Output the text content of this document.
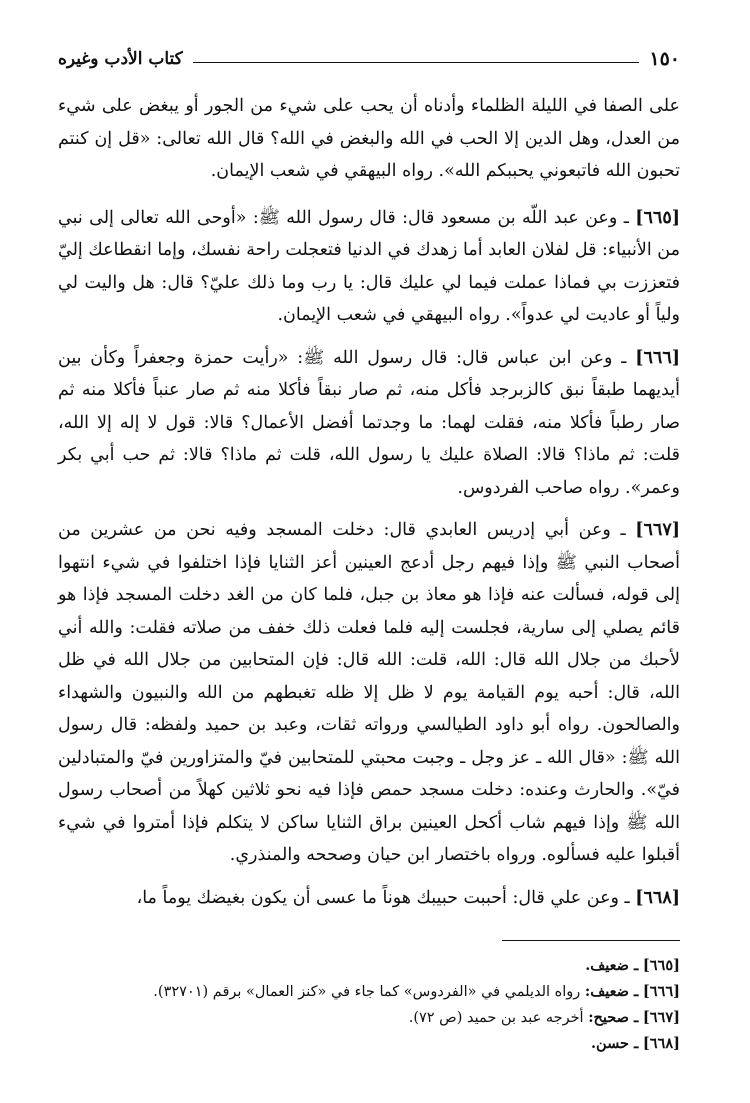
١٥٠
كتاب الأدب وغيره

على الصفا في الليلة الظلماء وأدناه أن يحب على شيء من الجور أو يبغض على شيء من العدل، وهل الدين إلا الحب في الله والبغض في الله؟ قال الله تعالى: «قل إن كنتم تحبون الله فاتبعوني يحببكم الله». رواه البيهقي في شعب الإيمان.

[٦٦٥] ـ وعن عبد اللّه بن مسعود قال: قال رسول الله ﷺ: «أوحى الله تعالى إلى نبي من الأنبياء: قل لفلان العابد أما زهدك في الدنيا فتعجلت راحة نفسك، وإما انقطاعك إليّ فتعززت بي فماذا عملت فيما لي عليك قال: يا رب وما ذلك عليّ؟ قال: هل واليت لي ولياً أو عاديت لي عدواً». رواه البيهقي في شعب الإيمان.

[٦٦٦] ـ وعن ابن عباس قال: قال رسول الله ﷺ: «رأيت حمزة وجعفراً وكأن بين أيديهما طبقاً نبق كالزبرجد فأكل منه، ثم صار نبقاً فأكلا منه ثم صار عنباً فأكلا منه ثم صار رطباً فأكلا منه، فقلت لهما: ما وجدتما أفضل الأعمال؟ قالا: قول لا إله إلا الله، قلت: ثم ماذا؟ قالا: الصلاة عليك يا رسول الله، قلت ثم ماذا؟ قالا: ثم حب أبي بكر وعمر». رواه صاحب الفردوس.

[٦٦٧] ـ وعن أبي إدريس العابدي قال: دخلت المسجد وفيه نحن من عشرين من أصحاب النبي ﷺ وإذا فيهم رجل أدعج العينين أعز الثنايا فإذا اختلفوا في شيء انتهوا إلى قوله، فسألت عنه فإذا هو معاذ بن جبل، فلما كان من الغد دخلت المسجد فإذا هو قائم يصلي إلى سارية، فجلست إليه فلما فعلت ذلك خفف من صلاته فقلت: والله أني لأحبك من جلال الله قال: الله، قلت: الله قال: فإن المتحابين من جلال الله في ظل الله، قال: أحبه يوم القيامة يوم لا ظل إلا ظله تغبطهم من الله والنبيون والشهداء والصالحون. رواه أبو داود الطيالسي ورواته ثقات، وعبد بن حميد ولفظه: قال رسول الله ﷺ: «قال الله ـ عز وجل ـ وجبت محبتي للمتحابين فيّ والمتزاورين فيّ والمتبادلين فيّ». والحارث وعنده: دخلت مسجد حمص فإذا فيه نحو ثلاثين كهلاً من أصحاب رسول الله ﷺ وإذا فيهم شاب أكحل العينين براق الثنايا ساكن لا يتكلم فإذا أمتروا في شيء أقبلوا عليه فسألوه. ورواه باختصار ابن حيان وصححه والمنذري.

[٦٦٨] ـ وعن علي قال: أحببت حبيبك هوناً ما عسى أن يكون بغيضك يوماً ما،

[٦٦٥] ـ ضعيف.
[٦٦٦] ـ ضعيف: رواه الديلمي في «الفردوس» كما جاء في «كنز العمال» برقم (٣٢٧٠١).
[٦٦٧] ـ صحيح: أخرجه عبد بن حميد (ص ٧٢).
[٦٦٨] ـ حسن.
